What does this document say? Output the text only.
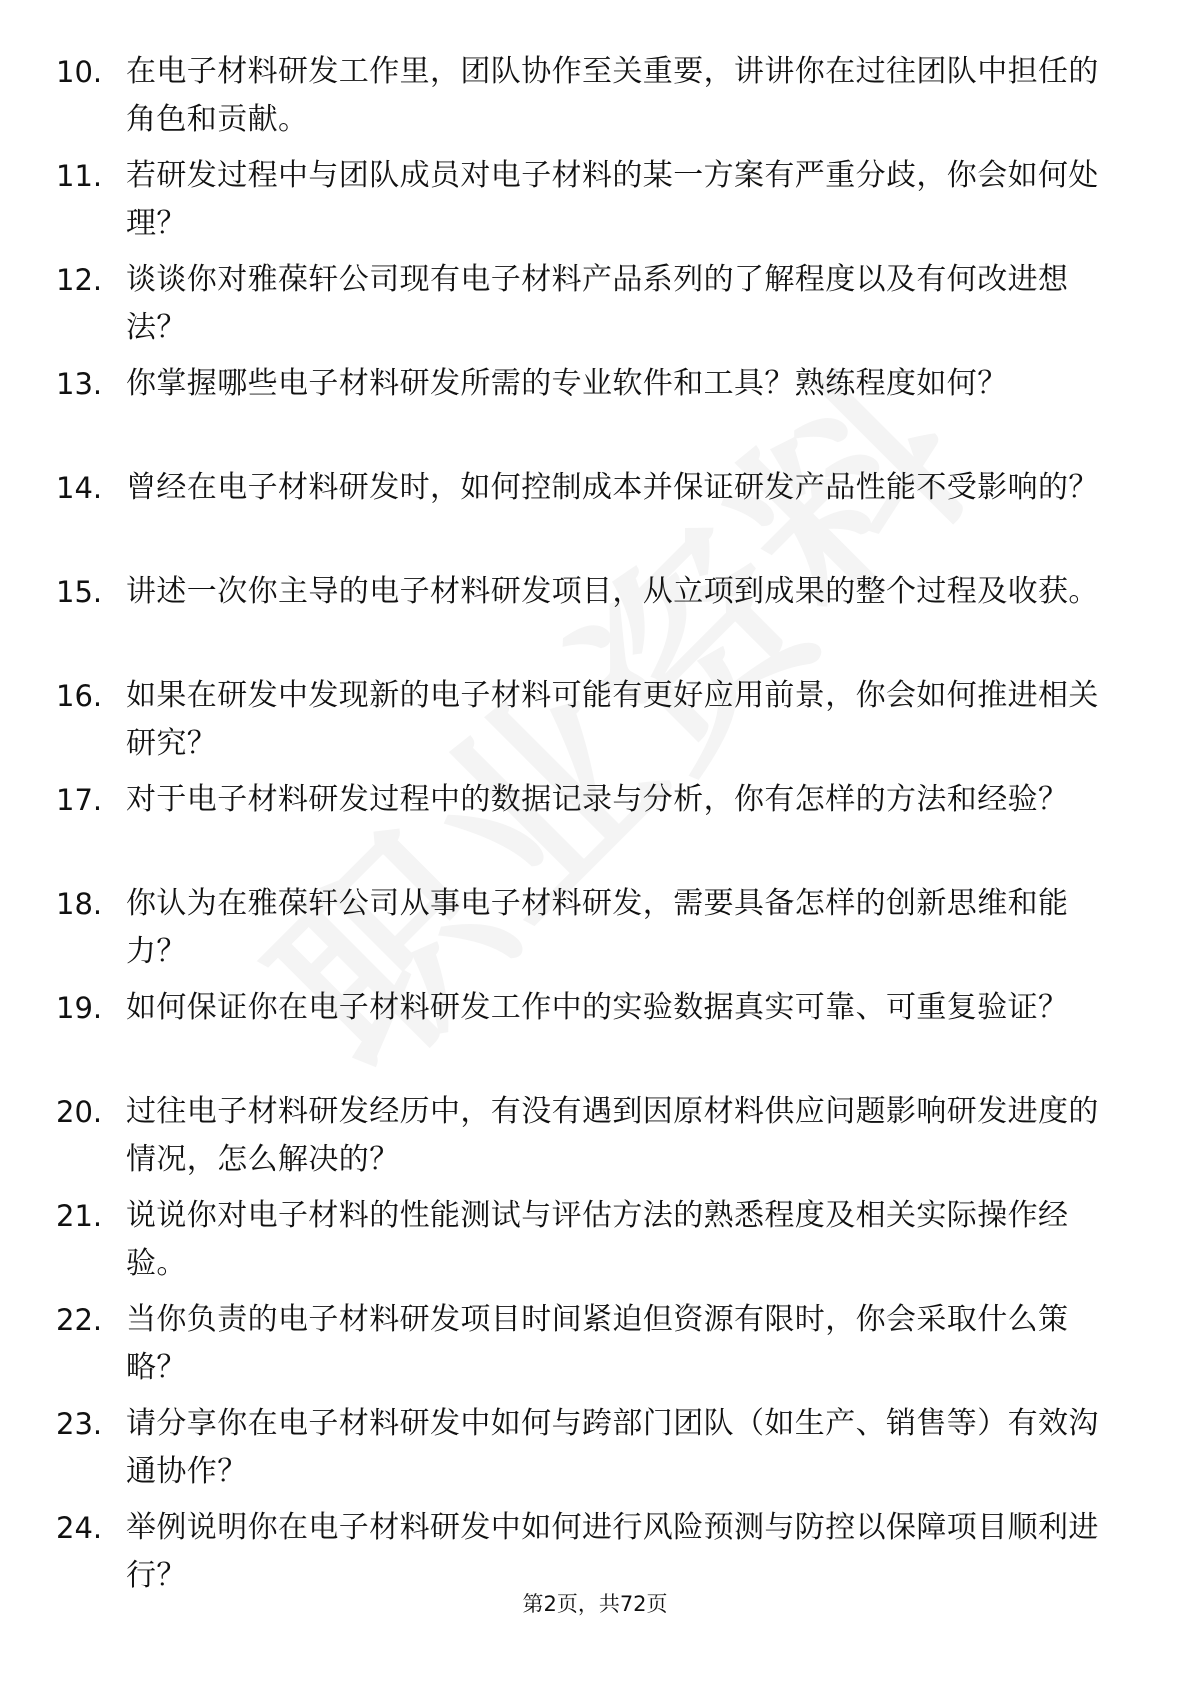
10. 在电子材料研发工作里，团队协作至关重要，讲讲你在过往团队中担任的角色和贡献。
11. 若研发过程中与团队成员对电子材料的某一方案有严重分歧，你会如何处理？
12. 谈谈你对雅葆轩公司现有电子材料产品系列的了解程度以及有何改进想法？
13. 你掌握哪些电子材料研发所需的专业软件和工具？熟练程度如何？
14. 曾经在电子材料研发时，如何控制成本并保证研发产品性能不受影响的？
15. 讲述一次你主导的电子材料研发项目，从立项到成果的整个过程及收获。
16. 如果在研发中发现新的电子材料可能有更好应用前景，你会如何推进相关研究？
17. 对于电子材料研发过程中的数据记录与分析，你有怎样的方法和经验？
18. 你认为在雅葆轩公司从事电子材料研发，需要具备怎样的创新思维和能力？
19. 如何保证你在电子材料研发工作中的实验数据真实可靠、可重复验证？
20. 过往电子材料研发经历中，有没有遇到因原材料供应问题影响研发进度的情况，怎么解决的？
21. 说说你对电子材料的性能测试与评估方法的熟悉程度及相关实际操作经验。
22. 当你负责的电子材料研发项目时间紧迫但资源有限时，你会采取什么策略？
23. 请分享你在电子材料研发中如何与跨部门团队（如生产、销售等）有效沟通协作？
24. 举例说明你在电子材料研发中如何进行风险预测与防控以保障项目顺利进行？
第2页，共72页
